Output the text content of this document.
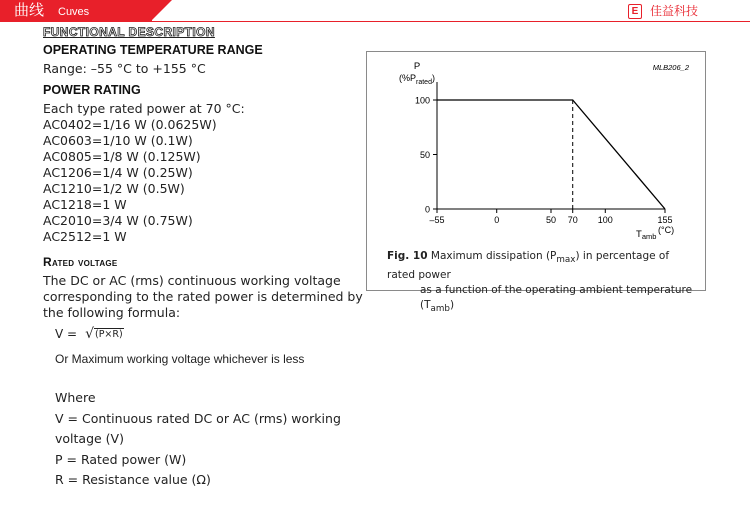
曲线 Cuves	E 佳益科技
FUNCTIONAL DESCRIPTION
OPERATING TEMPERATURE RANGE
Range: –55 °C to +155 °C
POWER RATING
Each type rated power at 70 °C:
AC0402=1/16 W (0.0625W)
AC0603=1/10 W (0.1W)
AC0805=1/8 W (0.125W)
AC1206=1/4 W (0.25W)
AC1210=1/2 W (0.5W)
AC1218=1 W
AC2010=3/4 W (0.75W)
AC2512=1 W
Rated voltage
The DC or AC (rms) continuous working voltage corresponding to the rated power is determined by the following formula:
V = √ (P×R)
Or Maximum working voltage whichever is less
Where
V = Continuous rated DC or AC (rms) working voltage (V)
P = Rated power (W)
R = Resistance value (Ω)
0
50
100
–55	0	50 70 100	155
P
$(\%P_{rated})$
$T_{amb}$
(°C)
MLB206_2
Fig. 10 Maximum dissipation $(P_{max})$ in percentage of rated power
as a function of the operating ambient temperature $(T_{amb})$
